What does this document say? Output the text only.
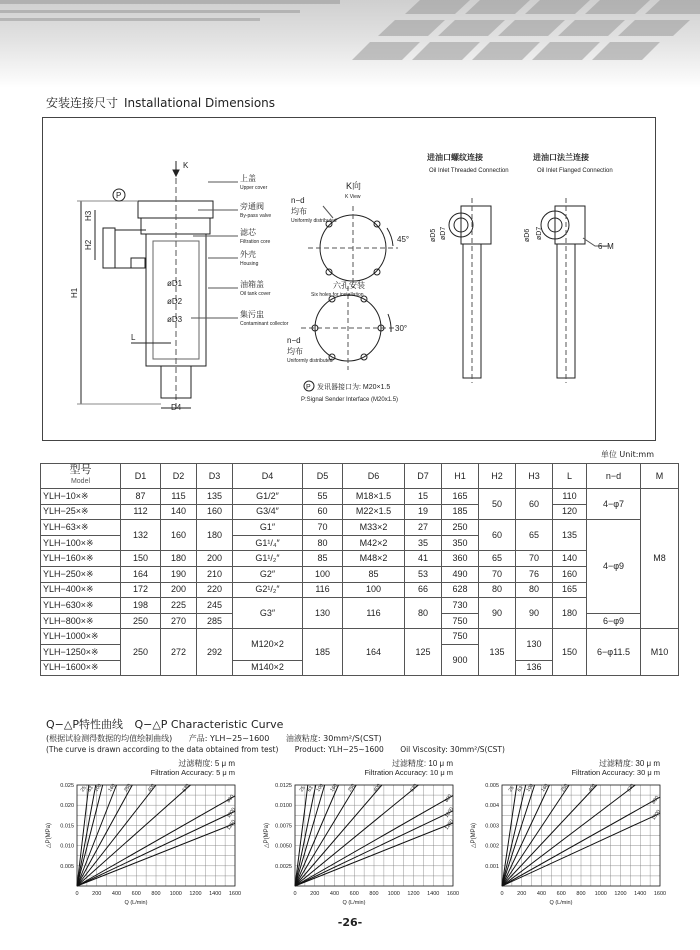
安装连接尺寸 Installational Dimensions
P
K
H3
H2
H1
øD1
øD2
øD3
L
D4
上盖
Upper cover
旁通阀
By-pass valve
滤芯
Filtration core
外壳
Housing
油箱盖
Oil tank cover
集污盅
Contaminant collector
K向
K View
n−d
均布
Uniformly distributed
45°
六孔安装
Six holes for installation
n−d
均布
Uniformly distributed
30°
P 发讯器接口为: M20×1.5
P:Signal Sender Interface (M20x1.5)
进油口螺纹连接
Oil Inlet Threaded Connection
øD5 øD7
进油口法兰连接
Oil Inlet Flanged Connection
øD6 øD7
6−M
单位 Unit:mm
型号
Model	D1	D2	D3	D4	D5	D6	D7	H1	H2	H3	L	n−d	M
YLH−10×※	87	115	135	G1/2″	55	M18×1.5	15	165	50	60	110	4−φ7	M8
YLH−25×※	112	140	160	G3/4″	60	M22×1.5	19	185			120		
YLH−63×※	132	160	180	G1″	70	M33×2	27	250	60	65	135	4−φ9	
YLH−100×※				G1¹/₄″	80	M42×2	35	350					
YLH−160×※	150	180	200	G1¹/₂″	85	M48×2	41	360	65	70	140		
YLH−250×※	164	190	210	G2″	100	85	53	490	70	76	160		
YLH−400×※	172	200	220	G2¹/₂″	116	100	66	628	80	80	165		
YLH−630×※	198	225	245	G3″	130	116	80	730	90	90	180		
YLH−800×※	250	270	285					750				6−φ9	
YLH−1000×※	250	272	292	M120×2	185	164	125	750	135	130	150	6−φ11.5	M10
YLH−1250×※								900					
YLH−1600×※				M140×2						136			
Q−△P特性曲线 Q−△P Characteristic Curve
(根据试验测得数据的均值绘制曲线) 产品: YLH−25~1600 油液粘度: 30mm²/S(CST)
(The curve is drawn according to the data obtained from test) Product: YLH−25~1600 Oil Viscosity: 30mm²/S(CST)
过滤精度: 5 μ m
Filtration Accuracy: 5 μ m
0.025
0.020
0.015
0.010
0.005
0 200 400 600 800 1000 1200 1400 1600
Q (L/min)
△P(MPa)
25
63
100 160 250	400	630
800
1000
1250
过滤精度: 10 μ m
Filtration Accuracy: 10 μ m
0.0125
0.0100
0.0075
0.0050
0.0025
0 200 400 600 800 1000 1200 1400 1600
Q (L/min)
△P(MPa)
25 63 100 160 250	400	630
800
1000
1250
过滤精度: 30 μ m
Filtration Accuracy: 30 μ m
0.005
0.004
0.003
0.002
0.001
0 200 400 600 800 1000 1200 1400 1600
Q (L/min)
△P(MPa)
25 63 100 160 250	400	630
800
1000
-26-
